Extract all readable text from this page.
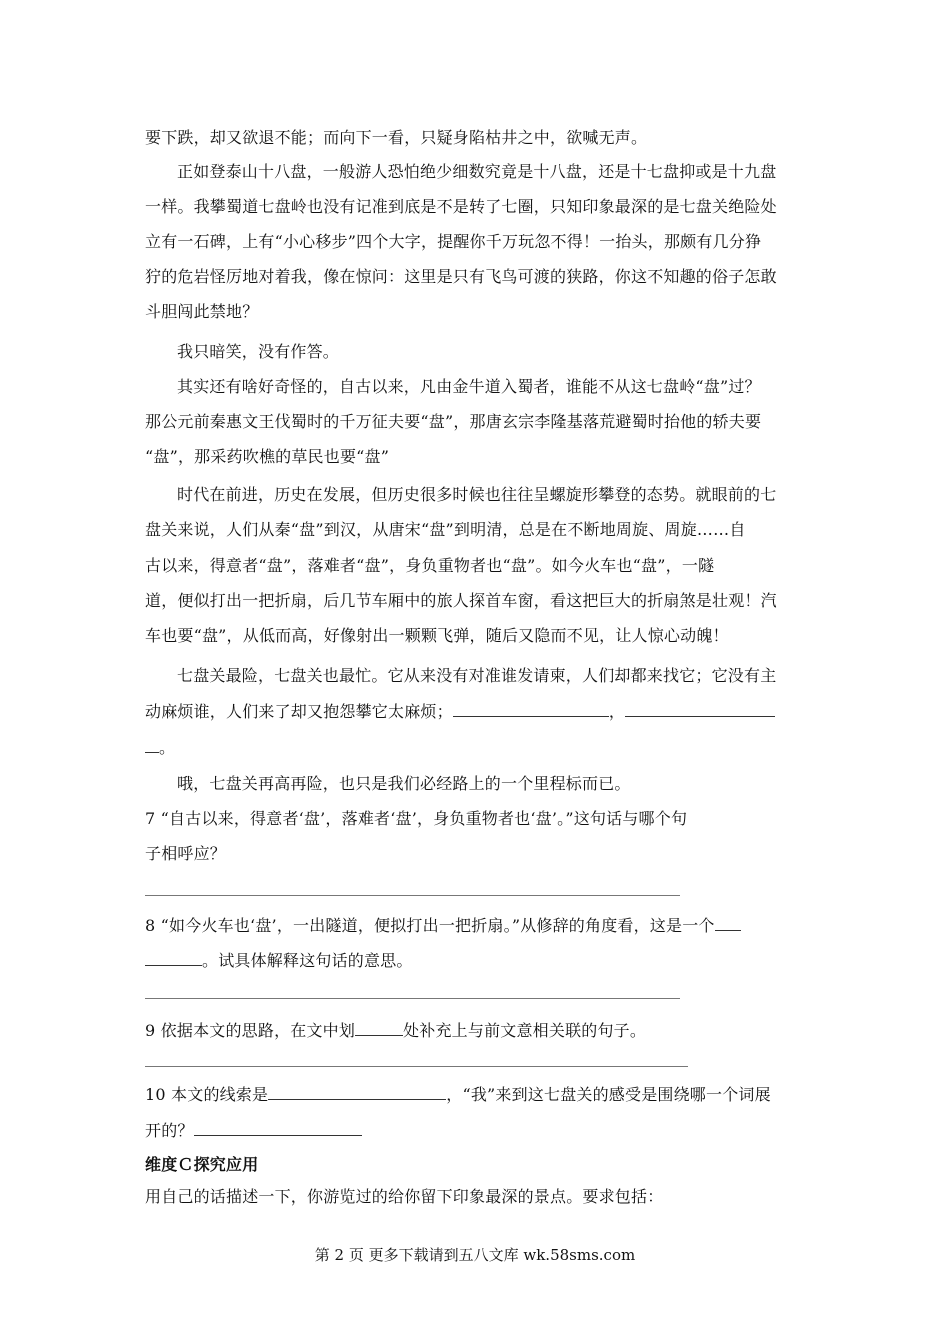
要下跌，却又欲退不能；而向下一看，只疑身陷枯井之中，欲喊无声。
正如登泰山十八盘，一般游人恐怕绝少细数究竟是十八盘，还是十七盘抑或是十九盘
一样。我攀蜀道七盘岭也没有记准到底是不是转了七圈，只知印象最深的是七盘关绝险处
立有一石碑，上有“小心移步”四个大字，提醒你千万玩忽不得！一抬头，那颇有几分狰
狞的危岩怪厉地对着我，像在惊问：这里是只有飞鸟可渡的狭路，你这不知趣的俗子怎敢
斗胆闯此禁地？
我只暗笑，没有作答。
其实还有啥好奇怪的，自古以来，凡由金牛道入蜀者，谁能不从这七盘岭“盘”过？
那公元前秦惠文王伐蜀时的千万征夫要“盘”，那唐玄宗李隆基落荒避蜀时抬他的轿夫要
“盘”，那采药吹樵的草民也要“盘”
时代在前进，历史在发展，但历史很多时候也往往呈螺旋形攀登的态势。就眼前的七
盘关来说，人们从秦“盘”到汉，从唐宋“盘”到明清，总是在不断地周旋、周旋……自
古以来，得意者“盘”，落难者“盘”，身负重物者也“盘”。如今火车也“盘”，一隧
道，便似打出一把折扇，后几节车厢中的旅人探首车窗，看这把巨大的折扇煞是壮观！汽
车也要“盘”，从低而高，好像射出一颗颗飞弹，随后又隐而不见，让人惊心动魄！
七盘关最险，七盘关也最忙。它从来没有对准谁发请柬，人们却都来找它；它没有主
动麻烦谁，人们来了却又抱怨攀它太麻烦；	，
。
哦，七盘关再高再险，也只是我们必经路上的一个里程标而已。
7 “自古以来，得意者‘盘’，落难者‘盘’，身负重物者也‘盘’。”这句话与哪个句
子相呼应？
8 “如今火车也‘盘’，一出隧道，便拟打出一把折扇。”从修辞的角度看，这是一个
。试具体解释这句话的意思。
9 依据本文的思路，在文中划	处补充上与前文意相关联的句子。
10 本文的线索是	，“我”来到这七盘关的感受是围绕哪一个词展
开的？
维度Ｃ探究应用
用自己的话描述一下，你游览过的给你留下印象最深的景点。要求包括：
第 2 页 更多下载请到五八文库 wk.58sms.com
